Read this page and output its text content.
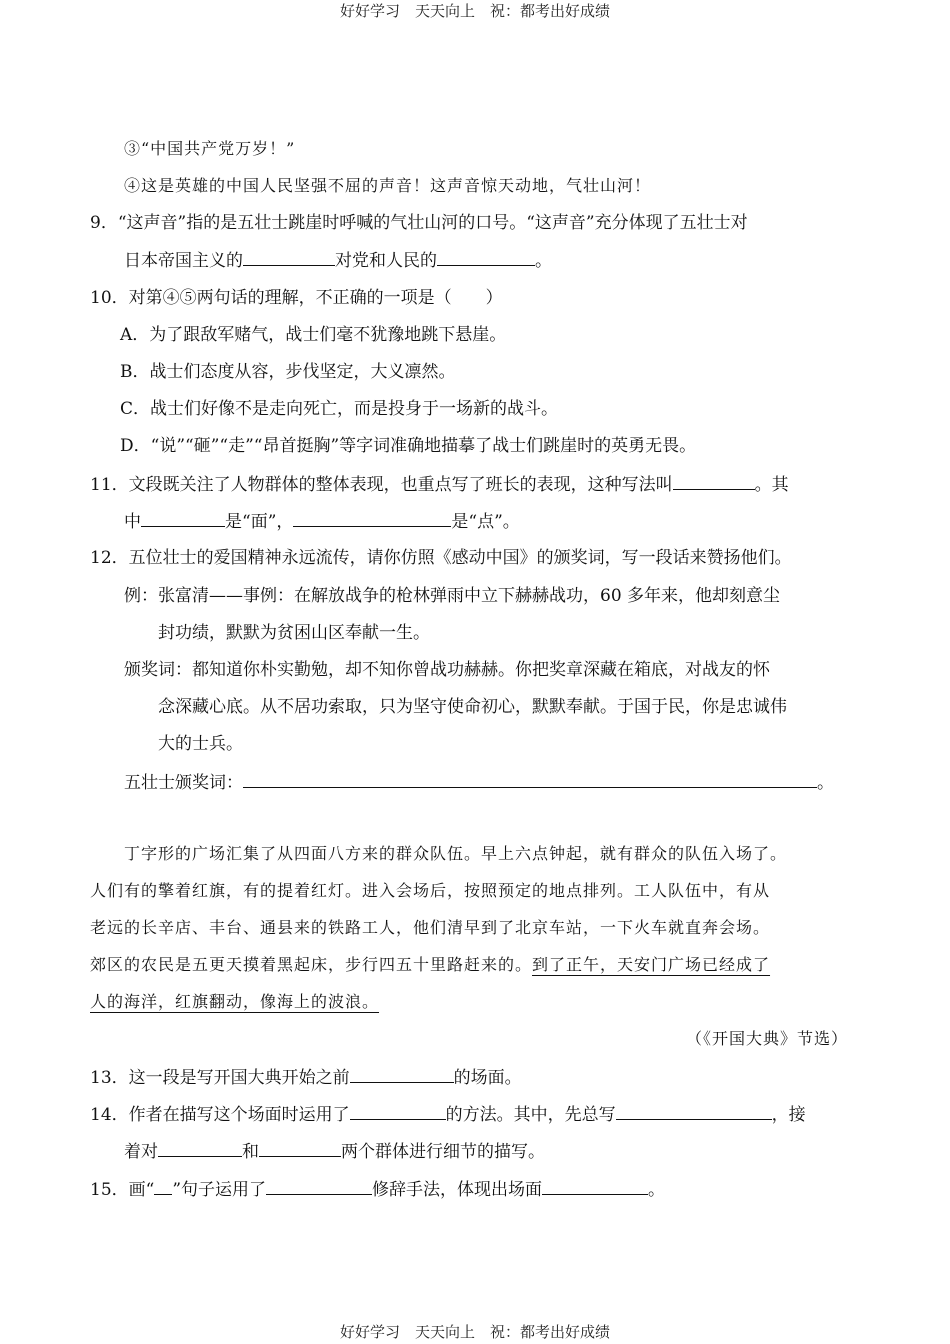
好好学习　天天向上　祝：都考出好成绩
③“中国共产党万岁！”
④这是英雄的中国人民坚强不屈的声音！这声音惊天动地，气壮山河！
9．“这声音”指的是五壮士跳崖时呼喊的气壮山河的口号。“这声音”充分体现了五壮士对
日本帝国主义的	对党和人民的	。
10．对第④⑤两句话的理解，不正确的一项是（　　）
A．为了跟敌军赌气，战士们毫不犹豫地跳下悬崖。
B．战士们态度从容，步伐坚定，大义凛然。
C．战士们好像不是走向死亡，而是投身于一场新的战斗。
D．“说”“砸”“走”“昂首挺胸”等字词准确地描摹了战士们跳崖时的英勇无畏。
11．文段既关注了人物群体的整体表现，也重点写了班长的表现，这种写法叫	。其
中	是“面”，	是“点”。
12．五位壮士的爱国精神永远流传，请你仿照《感动中国》的颁奖词，写一段话来赞扬他们。
例：张富清——事例：在解放战争的枪林弹雨中立下赫赫战功，60 多年来，他却刻意尘
封功绩，默默为贫困山区奉献一生。
颁奖词：都知道你朴实勤勉，却不知你曾战功赫赫。你把奖章深藏在箱底，对战友的怀
念深藏心底。从不居功索取，只为坚守使命初心，默默奉献。于国于民，你是忠诚伟
大的士兵。
五壮士颁奖词：	。
丁字形的广场汇集了从四面八方来的群众队伍。早上六点钟起，就有群众的队伍入场了。
人们有的擎着红旗，有的提着红灯。进入会场后，按照预定的地点排列。工人队伍中，有从
老远的长辛店、丰台、通县来的铁路工人，他们清早到了北京车站，一下火车就直奔会场。
郊区的农民是五更天摸着黑起床，步行四五十里路赶来的。到了正午，天安门广场已经成了
人的海洋，红旗翻动，像海上的波浪。
（《开国大典》节选）
13．这一段是写开国大典开始之前	的场面。
14．作者在描写这个场面时运用了	的方法。其中，先总写	，接
着对	和	两个群体进行细节的描写。
15．画“ ”句子运用了	修辞手法，体现出场面	。
好好学习　天天向上　祝：都考出好成绩
